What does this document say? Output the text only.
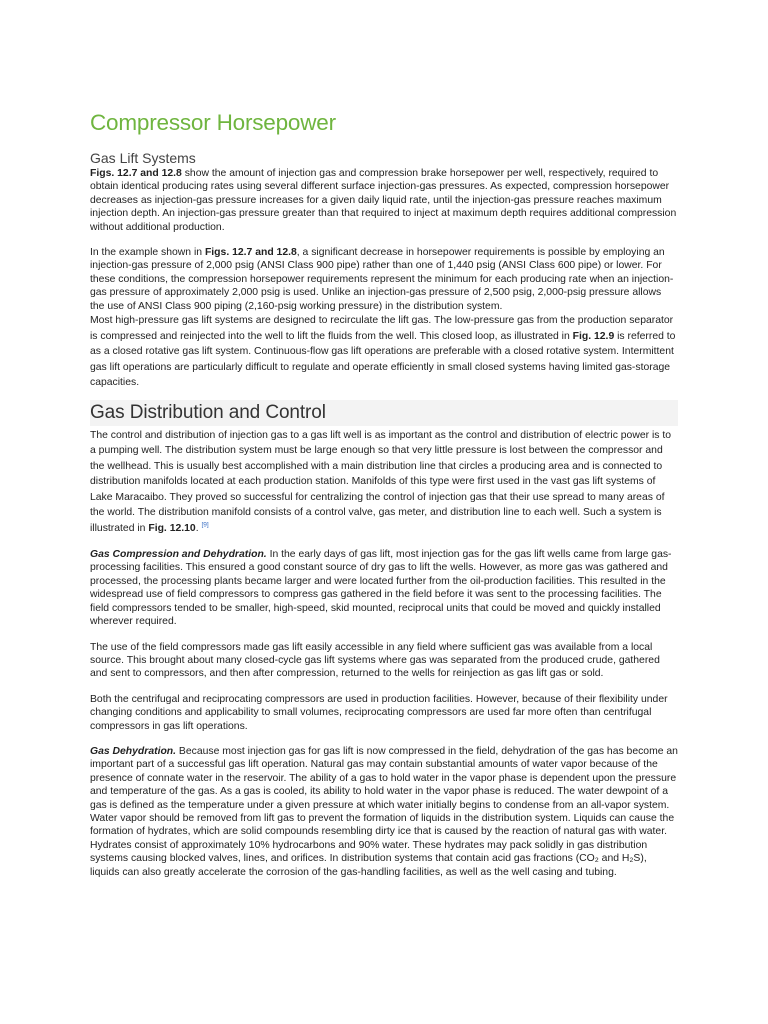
Compressor Horsepower
Gas Lift Systems

Figs. 12.7 and 12.8 show the amount of injection gas and compression brake horsepower per well, respectively, required to obtain identical producing rates using several different surface injection-gas pressures. As expected, compression horsepower decreases as injection-gas pressure increases for a given daily liquid rate, until the injection-gas pressure reaches maximum injection depth. An injection-gas pressure greater than that required to inject at maximum depth requires additional compression without additional production.

In the example shown in Figs. 12.7 and 12.8, a significant decrease in horsepower requirements is possible by employing an injection-gas pressure of 2,000 psig (ANSI Class 900 pipe) rather than one of 1,440 psig (ANSI Class 600 pipe) or lower. For these conditions, the compression horsepower requirements represent the minimum for each producing rate when an injection-gas pressure of approximately 2,000 psig is used. Unlike an injection-gas pressure of 2,500 psig, 2,000-psig pressure allows the use of ANSI Class 900 piping (2,160-psig working pressure) in the distribution system.

Most high-pressure gas lift systems are designed to recirculate the lift gas. The low-pressure gas from the production separator is compressed and reinjected into the well to lift the fluids from the well. This closed loop, as illustrated in Fig. 12.9 is referred to as a closed rotative gas lift system. Continuous-flow gas lift operations are preferable with a closed rotative system. Intermittent gas lift operations are particularly difficult to regulate and operate efficiently in small closed systems having limited gas-storage capacities.

Gas Distribution and Control

The control and distribution of injection gas to a gas lift well is as important as the control and distribution of electric power is to a pumping well. The distribution system must be large enough so that very little pressure is lost between the compressor and the wellhead. This is usually best accomplished with a main distribution line that circles a producing area and is connected to distribution manifolds located at each production station. Manifolds of this type were first used in the vast gas lift systems of Lake Maracaibo. They proved so successful for centralizing the control of injection gas that their use spread to many areas of the world. The distribution manifold consists of a control valve, gas meter, and distribution line to each well. Such a system is illustrated in Fig. 12.10. [9]

Gas Compression and Dehydration. In the early days of gas lift, most injection gas for the gas lift wells came from large gas-processing facilities. This ensured a good constant source of dry gas to lift the wells. However, as more gas was gathered and processed, the processing plants became larger and were located further from the oil-production facilities. This resulted in the widespread use of field compressors to compress gas gathered in the field before it was sent to the processing facilities. The field compressors tended to be smaller, high-speed, skid mounted, reciprocal units that could be moved and quickly installed wherever required.

The use of the field compressors made gas lift easily accessible in any field where sufficient gas was available from a local source. This brought about many closed-cycle gas lift systems where gas was separated from the produced crude, gathered and sent to compressors, and then after compression, returned to the wells for reinjection as gas lift gas or sold.

Both the centrifugal and reciprocating compressors are used in production facilities. However, because of their flexibility under changing conditions and applicability to small volumes, reciprocating compressors are used far more often than centrifugal compressors in gas lift operations.

Gas Dehydration. Because most injection gas for gas lift is now compressed in the field, dehydration of the gas has become an important part of a successful gas lift operation. Natural gas may contain substantial amounts of water vapor because of the presence of connate water in the reservoir. The ability of a gas to hold water in the vapor phase is dependent upon the pressure and temperature of the gas. As a gas is cooled, its ability to hold water in the vapor phase is reduced. The water dewpoint of a gas is defined as the temperature under a given pressure at which water initially begins to condense from an all-vapor system. Water vapor should be removed from lift gas to prevent the formation of liquids in the distribution system. Liquids can cause the formation of hydrates, which are solid compounds resembling dirty ice that is caused by the reaction of natural gas with water. Hydrates consist of approximately 10% hydrocarbons and 90% water. These hydrates may pack solidly in gas distribution systems causing blocked valves, lines, and orifices. In distribution systems that contain acid gas fractions (CO₂ and H₂S), liquids can also greatly accelerate the corrosion of the gas-handling facilities, as well as the well casing and tubing.
